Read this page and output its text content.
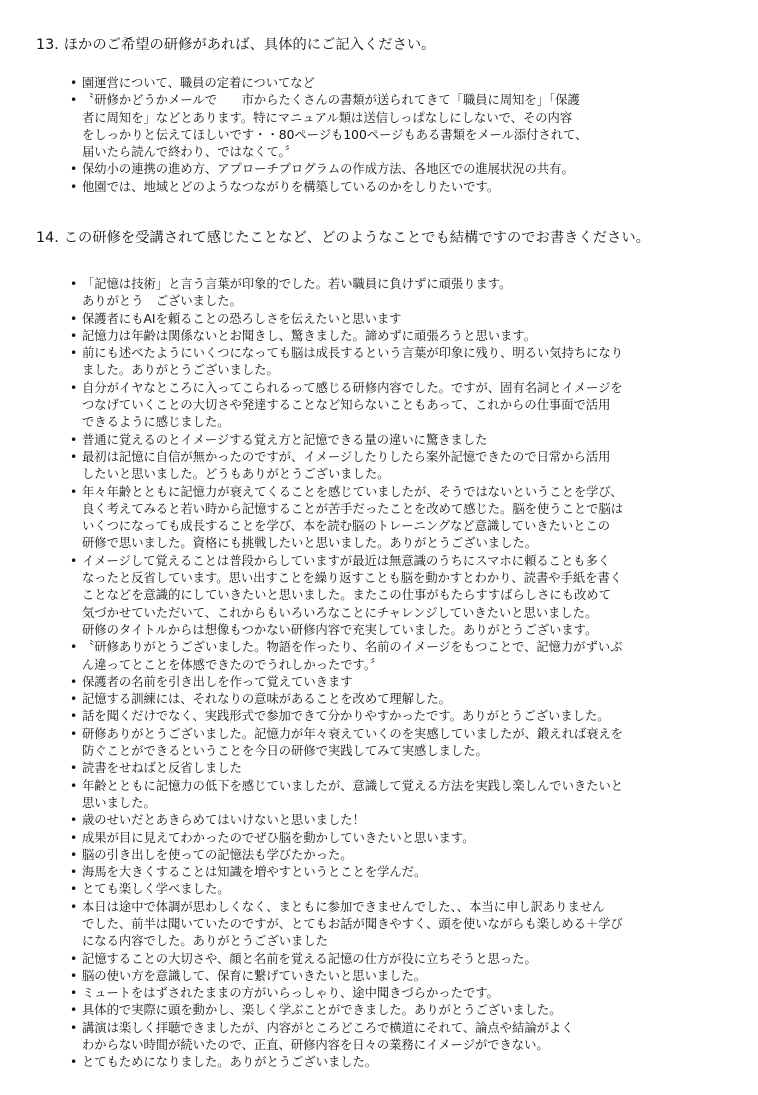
13. ほかのご希望の研修があれば、具体的にご記入ください。
• 園運営について、職員の定着についてなど
• 〝研修かどうかメールで　　市からたくさんの書類が送られてきて「職員に周知を」「保護
者に周知を」などとあります。特にマニュアル類は送信しっぱなしにしないで、その内容
をしっかりと伝えてほしいです・・80ページも100ページもある書類をメール添付されて、
届いたら読んで終わり、ではなくて。〞
• 保幼小の連携の進め方、アプローチプログラムの作成方法、各地区での進展状況の共有。
• 他園では、地域とどのようなつながりを構築しているのかをしりたいです。
14. この研修を受講されて感じたことなど、どのようなことでも結構ですのでお書きください。
• 「記憶は技術」と言う言葉が印象的でした。若い職員に負けずに頑張ります。
ありがとう　ございました。
• 保護者にもAIを頼ることの恐ろしさを伝えたいと思います
• 記憶力は年齢は関係ないとお聞きし、驚きました。諦めずに頑張ろうと思います。
• 前にも述べたようにいくつになっても脳は成長するという言葉が印象に残り、明るい気持ちになり
ました。ありがとうございました。
• 自分がイヤなところに入ってこられるって感じる研修内容でした。ですが、固有名詞とイメージを
つなげていくことの大切さや発達することなど知らないこともあって、これからの仕事面で活用
できるように感じました。
• 普通に覚えるのとイメージする覚え方と記憶できる量の違いに驚きました
• 最初は記憶に自信が無かったのですが、イメージしたりしたら案外記憶できたので日常から活用
したいと思いました。どうもありがとうございました。
• 年々年齢とともに記憶力が衰えてくることを感じていましたが、そうではないということを学び、
良く考えてみると若い時から記憶することが苦手だったことを改めて感じた。脳を使うことで脳は
いくつになっても成長することを学び、本を読む脳のトレーニングなど意識していきたいとこの
研修で思いました。資格にも挑戦したいと思いました。ありがとうございました。
• イメージして覚えることは普段からしていますが最近は無意識のうちにスマホに頼ることも多く
なったと反省しています。思い出すことを繰り返すことも脳を動かすとわかり、読書や手紙を書く
ことなどを意識的にしていきたいと思いました。またこの仕事がもたらすすばらしさにも改めて
気づかせていただいて、これからもいろいろなことにチャレンジしていきたいと思いました。
研修のタイトルからは想像もつかない研修内容で充実していました。ありがとうございます。
• 〝研修ありがとうございました。物語を作ったり、名前のイメージをもつことで、記憶力がずいぶ
ん違ってとことを体感できたのでうれしかったです。〞
• 保護者の名前を引き出しを作って覚えていきます
• 記憶する訓練には、それなりの意味があることを改めて理解した。
• 話を聞くだけでなく、実践形式で参加できて分かりやすかったです。ありがとうございました。
• 研修ありがとうございました。記憶力が年々衰えていくのを実感していましたが、鍛えれば衰えを
防ぐことができるということを今日の研修で実践してみて実感しました。
• 読書をせねばと反省しました
• 年齢とともに記憶力の低下を感じていましたが、意識して覚える方法を実践し楽しんでいきたいと
思いました。
• 歳のせいだとあきらめてはいけないと思いました！
• 成果が目に見えてわかったのでぜひ脳を動かしていきたいと思います。
• 脳の引き出しを使っての記憶法も学びたかった。
• 海馬を大きくすることは知識を増やすというとことを学んだ。
• とても楽しく学べました。
• 本日は途中で体調が思わしくなく、まともに参加できませんでした、、本当に申し訳ありません
でした、前半は聞いていたのですが、とてもお話が聞きやすく、頭を使いながらも楽しめる＋学び
になる内容でした。ありがとうございました
• 記憶することの大切さや、顔と名前を覚える記憶の仕方が役に立ちそうと思った。
• 脳の使い方を意識して、保育に繋げていきたいと思いました。
• ミュートをはずされたままの方がいらっしゃり、途中聞きづらかったです。
• 具体的で実際に頭を動かし、楽しく学ぶことができました。ありがとうございました。
• 講演は楽しく拝聴できましたが、内容がところどころで横道にそれて、論点や結論がよく
わからない時間が続いたので、正直、研修内容を日々の業務にイメージができない。
• とてもためになりました。ありがとうございました。
